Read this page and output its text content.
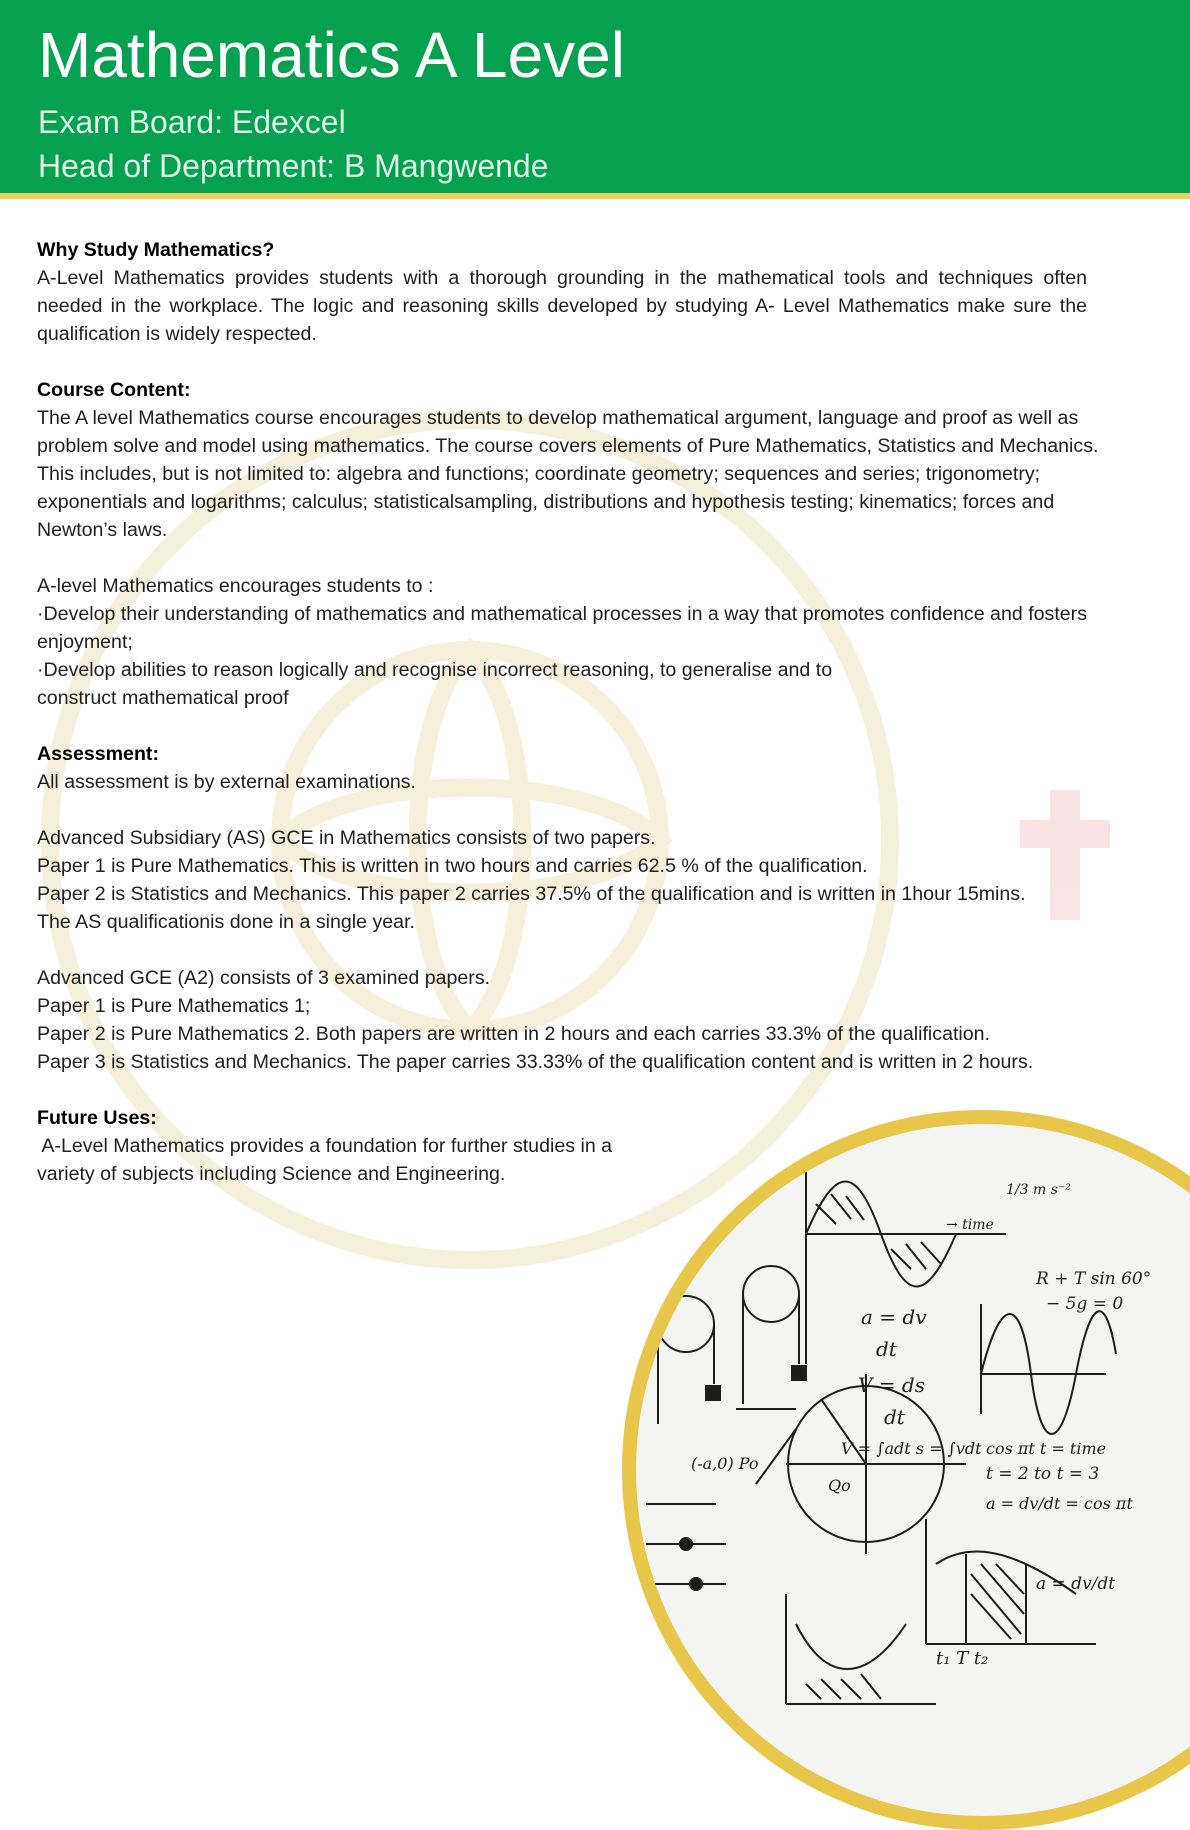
Mathematics A Level
Exam Board: Edexcel
Head of Department: B Mangwende
Why Study Mathematics?

A-Level Mathematics provides students with a thorough grounding in the mathematical tools and techniques often needed in the workplace. The logic and reasoning skills developed by studying A- Level Mathematics make sure the qualification is widely respected.

Course Content:

The A level Mathematics course encourages students to develop mathematical argument, language and proof as well as problem solve and model using mathematics. The course covers elements of Pure Mathematics, Statistics and Mechanics. This includes, but is not limited to: algebra and functions; coordinate geometry; sequences and series; trigonometry; exponentials and logarithms; calculus; statisticalsampling, distributions and hypothesis testing; kinematics; forces and Newton’s laws.

A-level Mathematics encourages students to :

·Develop their understanding of mathematics and mathematical processes in a way that promotes confidence and fosters enjoyment;

·Develop abilities to reason logically and recognise incorrect reasoning, to generalise and to

construct mathematical proof

Assessment:

All assessment is by external examinations.

Advanced Subsidiary (AS) GCE in Mathematics consists of two papers.

Paper 1 is Pure Mathematics. This is written in two hours and carries 62.5 % of the qualification.

Paper 2 is Statistics and Mechanics. This paper 2 carries 37.5% of the qualification and is written in 1hour 15mins.

The AS qualificationis done in a single year.

Advanced GCE (A2) consists of 3 examined papers.

Paper 1 is Pure Mathematics 1;

Paper 2 is Pure Mathematics 2. Both papers are written in 2 hours and each carries 33.3% of the qualification.

Paper 3 is Statistics and Mechanics. The paper carries 33.33% of the qualification content and is written in 2 hours.

Future Uses:

A-Level Mathematics provides a foundation for further studies in a

variety of subjects including Science and Engineering.

a = dv
dt
V = ds
dt
V = ∫adt s = ∫vdt
R + T sin 60°
− 5g = 0
cos πt t = time
t = 2 to t = 3
a = dv/dt = cos πt
(-a,0) Po
Qo
→ time
1/3 m s⁻²
t₁ T t₂
a = dv/dt
